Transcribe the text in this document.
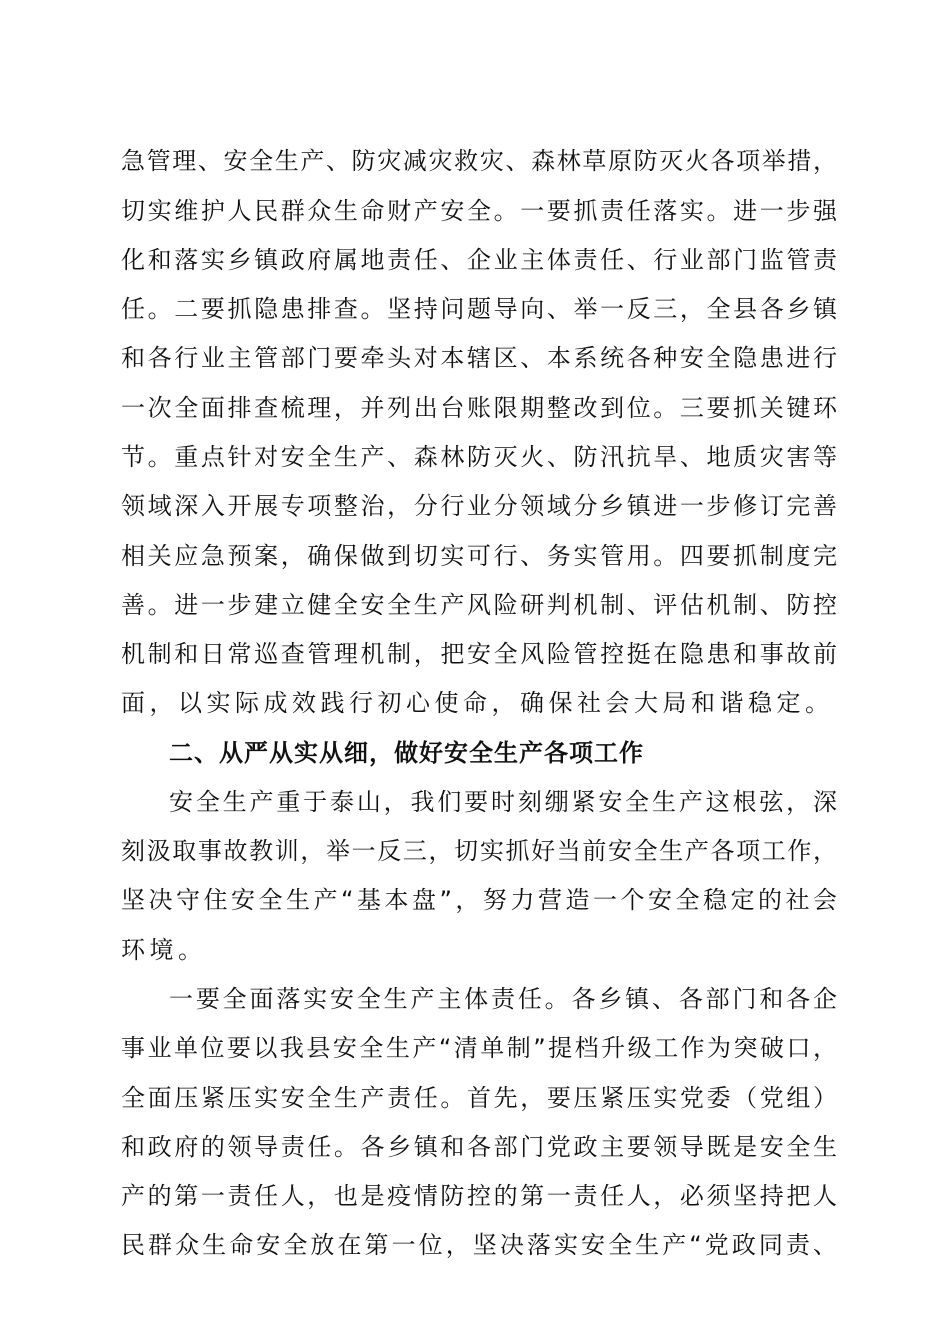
急管理、安全生产、防灾减灾救灾、森林草原防灭火各项举措，
切实维护人民群众生命财产安全。一要抓责任落实。进一步强
化和落实乡镇政府属地责任、企业主体责任、行业部门监管责
任。二要抓隐患排查。坚持问题导向、举一反三，全县各乡镇
和各行业主管部门要牵头对本辖区、本系统各种安全隐患进行
一次全面排查梳理，并列出台账限期整改到位。三要抓关键环
节。重点针对安全生产、森林防灭火、防汛抗旱、地质灾害等
领域深入开展专项整治，分行业分领域分乡镇进一步修订完善
相关应急预案，确保做到切实可行、务实管用。四要抓制度完
善。进一步建立健全安全生产风险研判机制、评估机制、防控
机制和日常巡查管理机制，把安全风险管控挺在隐患和事故前
面，以实际成效践行初心使命，确保社会大局和谐稳定。
二、从严从实从细，做好安全生产各项工作
安全生产重于泰山，我们要时刻绷紧安全生产这根弦，深
刻汲取事故教训，举一反三，切实抓好当前安全生产各项工作，
坚决守住安全生产“基本盘”，努力营造一个安全稳定的社会
环境。
一要全面落实安全生产主体责任。各乡镇、各部门和各企
事业单位要以我县安全生产“清单制”提档升级工作为突破口，
全面压紧压实安全生产责任。首先，要压紧压实党委（党组）
和政府的领导责任。各乡镇和各部门党政主要领导既是安全生
产的第一责任人，也是疫情防控的第一责任人，必须坚持把人
民群众生命安全放在第一位，坚决落实安全生产“党政同责、
